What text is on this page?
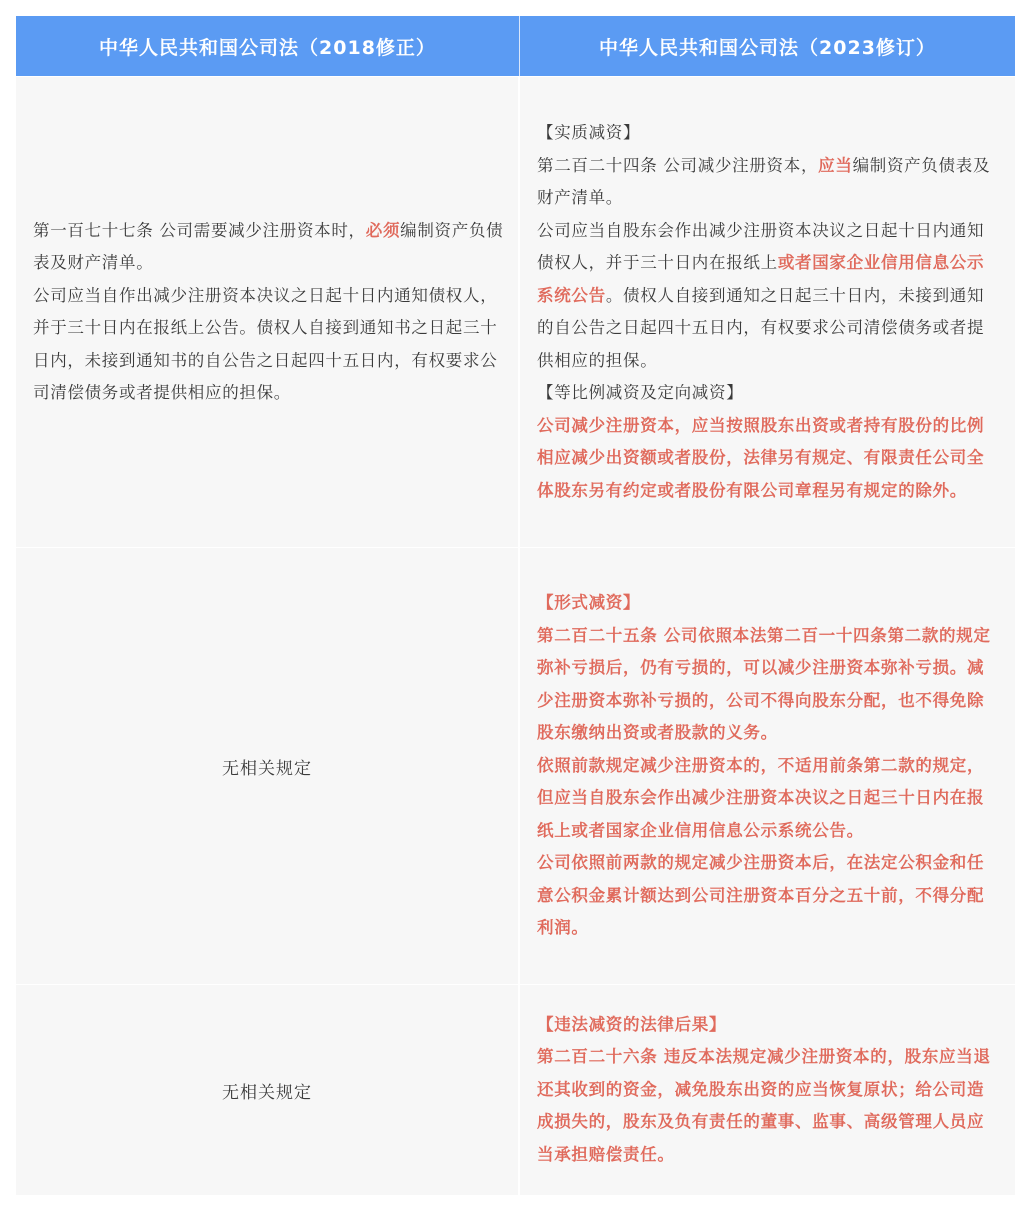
中华人民共和国公司法（2018修正）	中华人民共和国公司法（2023修订）

第一百七十七条 公司需要减少注册资本时，必须编制资产负债表及财产清单。

公司应当自作出减少注册资本决议之日起十日内通知债权人，并于三十日内在报纸上公告。债权人自接到通知书之日起三十日内，未接到通知书的自公告之日起四十五日内，有权要求公司清偿债务或者提供相应的担保。

【实质减资】

第二百二十四条 公司减少注册资本，应当编制资产负债表及财产清单。

公司应当自股东会作出减少注册资本决议之日起十日内通知债权人，并于三十日内在报纸上或者国家企业信用信息公示系统公告。债权人自接到通知之日起三十日内，未接到通知的自公告之日起四十五日内，有权要求公司清偿债务或者提供相应的担保。

【等比例减资及定向减资】

公司减少注册资本，应当按照股东出资或者持有股份的比例相应减少出资额或者股份，法律另有规定、有限责任公司全体股东另有约定或者股份有限公司章程另有规定的除外。

无相关规定

【形式减资】

第二百二十五条 公司依照本法第二百一十四条第二款的规定弥补亏损后，仍有亏损的，可以减少注册资本弥补亏损。减少注册资本弥补亏损的，公司不得向股东分配，也不得免除股东缴纳出资或者股款的义务。

依照前款规定减少注册资本的，不适用前条第二款的规定，但应当自股东会作出减少注册资本决议之日起三十日内在报纸上或者国家企业信用信息公示系统公告。

公司依照前两款的规定减少注册资本后，在法定公积金和任意公积金累计额达到公司注册资本百分之五十前，不得分配利润。

无相关规定

【违法减资的法律后果】

第二百二十六条 违反本法规定减少注册资本的，股东应当退还其收到的资金，减免股东出资的应当恢复原状；给公司造成损失的，股东及负有责任的董事、监事、高级管理人员应当承担赔偿责任。
